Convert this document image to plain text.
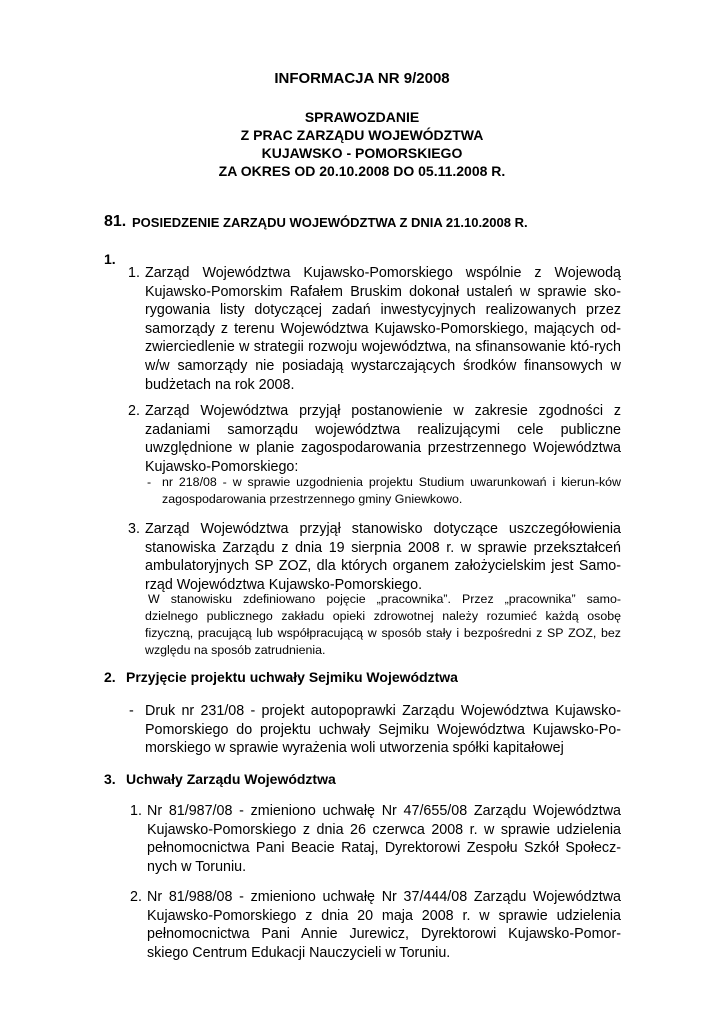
INFORMACJA NR 9/2008
SPRAWOZDANIE
Z PRAC ZARZĄDU WOJEWÓDZTWA
KUJAWSKO - POMORSKIEGO
ZA OKRES OD 20.10.2008 DO 05.11.2008 R.
81. POSIEDZENIE ZARZĄDU WOJEWÓDZTWA Z DNIA 21.10.2008 R.
1.
1. Zarząd Województwa Kujawsko-Pomorskiego wspólnie z Wojewodą Kujawsko-Pomorskim Rafałem Bruskim dokonał ustaleń w sprawie sko-rygowania listy dotyczącej zadań inwestycyjnych realizowanych przez samorządy z terenu Województwa Kujawsko-Pomorskiego, mających od-zwierciedlenie w strategii rozwoju województwa, na sfinansowanie któ-rych w/w samorządy nie posiadają wystarczających środków finansowych w budżetach na rok 2008.
2. Zarząd Województwa przyjął postanowienie w zakresie zgodności z zadaniami samorządu województwa realizującymi cele publiczne uwzględnione w planie zagospodarowania przestrzennego Województwa Kujawsko-Pomorskiego:
- nr 218/08 - w sprawie uzgodnienia projektu Studium uwarunkowań i kierun-ków zagospodarowania przestrzennego gminy Gniewkowo.
3. Zarząd Województwa przyjął stanowisko dotyczące uszczegółowienia stanowiska Zarządu z dnia 19 sierpnia 2008 r. w sprawie przekształceń ambulatoryjnych SP ZOZ, dla których organem założycielskim jest Samo-rząd Województwa Kujawsko-Pomorskiego.
W stanowisku zdefiniowano pojęcie „pracownika”. Przez „pracownika” samo-dzielnego publicznego zakładu opieki zdrowotnej należy rozumieć każdą osobę fizyczną, pracującą lub współpracującą w sposób stały i bezpośredni z SP ZOZ, bez względu na sposób zatrudnienia.
2. Przyjęcie projektu uchwały Sejmiku Województwa
- Druk nr 231/08 - projekt autopoprawki Zarządu Województwa Kujawsko-Pomorskiego do projektu uchwały Sejmiku Województwa Kujawsko-Po-morskiego w sprawie wyrażenia woli utworzenia spółki kapitałowej
3. Uchwały Zarządu Województwa
1. Nr 81/987/08 - zmieniono uchwałę Nr 47/655/08 Zarządu Województwa Kujawsko-Pomorskiego z dnia 26 czerwca 2008 r. w sprawie udzielenia pełnomocnictwa Pani Beacie Rataj, Dyrektorowi Zespołu Szkół Społecz-nych w Toruniu.
2. Nr 81/988/08 - zmieniono uchwałę Nr 37/444/08 Zarządu Województwa Kujawsko-Pomorskiego z dnia 20 maja 2008 r. w sprawie udzielenia pełnomocnictwa Pani Annie Jurewicz, Dyrektorowi Kujawsko-Pomor-skiego Centrum Edukacji Nauczycieli w Toruniu.
